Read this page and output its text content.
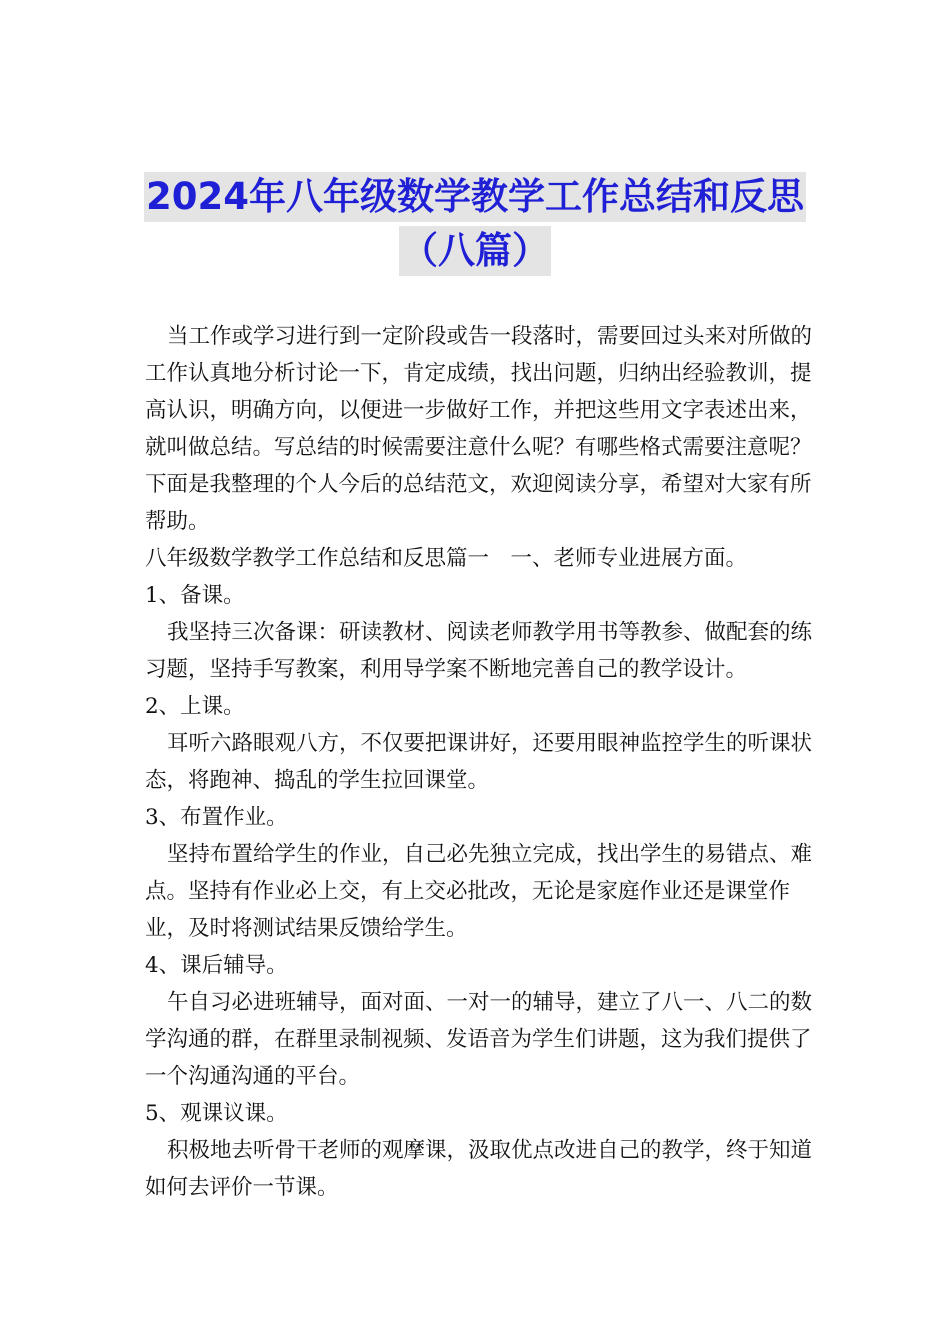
2024年八年级数学教学工作总结和反思
（八篇）

当工作或学习进行到一定阶段或告一段落时，需要回过头来对所做的工作认真地分析讨论一下，肯定成绩，找出问题，归纳出经验教训，提高认识，明确方向，以便进一步做好工作，并把这些用文字表述出来，就叫做总结。写总结的时候需要注意什么呢？有哪些格式需要注意呢？下面是我整理的个人今后的总结范文，欢迎阅读分享，希望对大家有所帮助。

八年级数学教学工作总结和反思篇一　一、老师专业进展方面。

1、备课。

我坚持三次备课：研读教材、阅读老师教学用书等教参、做配套的练习题，坚持手写教案，利用导学案不断地完善自己的教学设计。

2、上课。

耳听六路眼观八方，不仅要把课讲好，还要用眼神监控学生的听课状态，将跑神、捣乱的学生拉回课堂。

3、布置作业。

坚持布置给学生的作业，自己必先独立完成，找出学生的易错点、难点。坚持有作业必上交，有上交必批改，无论是家庭作业还是课堂作业，及时将测试结果反馈给学生。

4、课后辅导。

午自习必进班辅导，面对面、一对一的辅导，建立了八一、八二的数学沟通的群，在群里录制视频、发语音为学生们讲题，这为我们提供了一个沟通沟通的平台。

5、观课议课。

积极地去听骨干老师的观摩课，汲取优点改进自己的教学，终于知道如何去评价一节课。
